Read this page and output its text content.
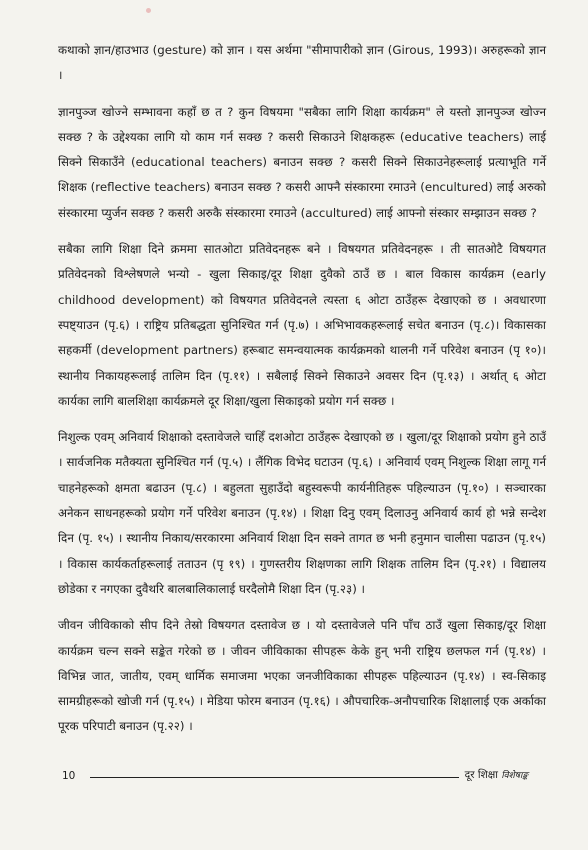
कथाको ज्ञान/हाउभाउ (gesture) को ज्ञान । यस अर्थमा "सीमापारीको ज्ञान (Girous, 1993)। अरुहरूको ज्ञान ।

ज्ञानपुञ्ज खोज्ने सम्भावना कहाँ छ त ? कुन विषयमा "सबैका लागि शिक्षा कार्यक्रम" ले यस्तो ज्ञानपुञ्ज खोज्न सक्छ ? के उद्देश्यका लागि यो काम गर्न सक्छ ? कसरी सिकाउने शिक्षकहरू (educative teachers) लाई सिक्ने सिकाउँने (educational teachers) बनाउन सक्छ ? कसरी सिक्ने सिकाउनेहरूलाई प्रत्याभूति गर्ने शिक्षक (reflective teachers) बनाउन सक्छ ? कसरी आफ्नै संस्कारमा रमाउने (encultured) लाई अरुको संस्कारमा प्युर्जन सक्छ ? कसरी अरुकै संस्कारमा रमाउने (accultured) लाई आफ्नो संस्कार सम्झाउन सक्छ ?

सबैका लागि शिक्षा दिने क्रममा सातओटा प्रतिवेदनहरू बने । विषयगत प्रतिवेदनहरू । ती सातओटै विषयगत प्रतिवेदनको विश्लेषणले भन्यो - खुला सिकाइ/दूर शिक्षा दुवैको ठाउँ छ । बाल विकास कार्यक्रम (early childhood development) को विषयगत प्रतिवेदनले त्यस्ता ६ ओटा ठाउँहरू देखाएको छ । अवधारणा स्पष्ट्याउन (पृ.६) । राष्ट्रिय प्रतिबद्धता सुनिश्चित गर्न (पृ.७) । अभिभावकहरूलाई सचेत बनाउन (पृ.८)। विकासका सहकर्मी (development partners) हरूबाट समन्वयात्मक कार्यक्रमको थालनी गर्ने परिवेश बनाउन (पृ १०)। स्थानीय निकायहरूलाई तालिम दिन (पृ.११) । सबैलाई सिक्ने सिकाउने अवसर दिन (पृ.१३) । अर्थात् ६ ओटा कार्यका लागि बालशिक्षा कार्यक्रमले दूर शिक्षा/खुला सिकाइको प्रयोग गर्न सक्छ ।

निशुल्क एवम् अनिवार्य शिक्षाको दस्तावेजले चाहिँ दशओटा ठाउँहरू देखाएको छ । खुला/दूर शिक्षाको प्रयोग हुने ठाउँ । सार्वजनिक मतैक्यता सुनिश्चित गर्न (पृ.५) । लैंगिक विभेद घटाउन (पृ.६) । अनिवार्य एवम् निशुल्क शिक्षा लागू गर्न चाहनेहरूको क्षमता बढाउन (पृ.८) । बहुलता सुहाउँदो बहुस्वरूपी कार्यनीतिहरू पहिल्याउन (पृ.१०) । सञ्चारका अनेकन साधनहरूको प्रयोग गर्ने परिवेश बनाउन (पृ.१४) । शिक्षा दिनु एवम् दिलाउनु अनिवार्य कार्य हो भन्ने सन्देश दिन (पृ. १५) । स्थानीय निकाय/सरकारमा अनिवार्य शिक्षा दिन सक्ने तागत छ भनी हनुमान चालीसा पढाउन (पृ.१५) । विकास कार्यकर्ताहरूलाई तताउन (पृ १९) । गुणस्तरीय शिक्षणका लागि शिक्षक तालिम दिन (पृ.२१) । विद्यालय छोडेका र नगएका दुवैथरि बालबालिकालाई घरदैलोमै शिक्षा दिन (पृ.२३) ।

जीवन जीविकाको सीप दिने तेस्रो विषयगत दस्तावेज छ । यो दस्तावेजले पनि पाँच ठाउँ खुला सिकाइ/दूर शिक्षा कार्यक्रम चल्न सक्ने सङ्केत गरेको छ । जीवन जीविकाका सीपहरू केके हुन् भनी राष्ट्रिय छलफल गर्न (पृ.१४) । विभिन्न जात, जातीय, एवम् धार्मिक समाजमा भएका जनजीविकाका सीपहरू पहिल्याउन (पृ.१४) । स्व-सिकाइ सामग्रीहरूको खोजी गर्न (पृ.१५) । मेडिया फोरम बनाउन (पृ.१६) । औपचारिक-अनौपचारिक शिक्षालाई एक अर्काका पूरक परिपाटी बनाउन (पृ.२२) ।

10	दूर शिक्षा विशेषाङ्क
